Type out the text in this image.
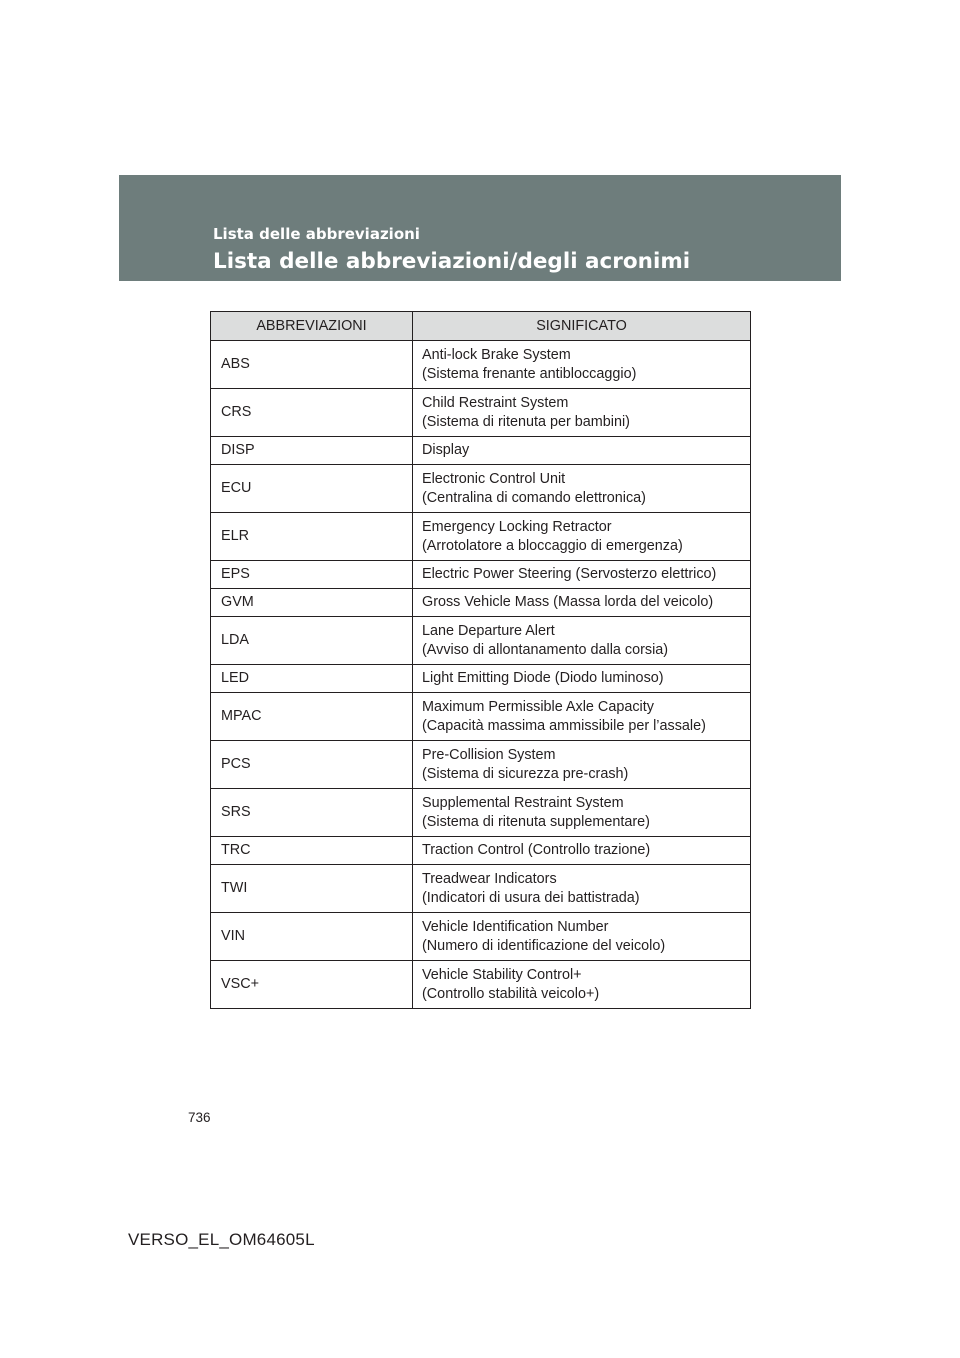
Lista delle abbreviazioni
Lista delle abbreviazioni/degli acronimi
ABBREVIAZIONI	SIGNIFICATO
ABS	Anti-lock Brake System
(Sistema frenante antibloccaggio)
CRS	Child Restraint System
(Sistema di ritenuta per bambini)
DISP	Display
ECU	Electronic Control Unit
(Centralina di comando elettronica)
ELR	Emergency Locking Retractor
(Arrotolatore a bloccaggio di emergenza)
EPS	Electric Power Steering (Servosterzo elettrico)
GVM	Gross Vehicle Mass (Massa lorda del veicolo)
LDA	Lane Departure Alert
(Avviso di allontanamento dalla corsia)
LED	Light Emitting Diode (Diodo luminoso)
MPAC	Maximum Permissible Axle Capacity
(Capacità massima ammissibile per l’assale)
PCS	Pre-Collision System
(Sistema di sicurezza pre-crash)
SRS	Supplemental Restraint System
(Sistema di ritenuta supplementare)
TRC	Traction Control (Controllo trazione)
TWI	Treadwear Indicators
(Indicatori di usura dei battistrada)
VIN	Vehicle Identification Number
(Numero di identificazione del veicolo)
VSC+	Vehicle Stability Control+
(Controllo stabilità veicolo+)
736
VERSO_EL_OM64605L
